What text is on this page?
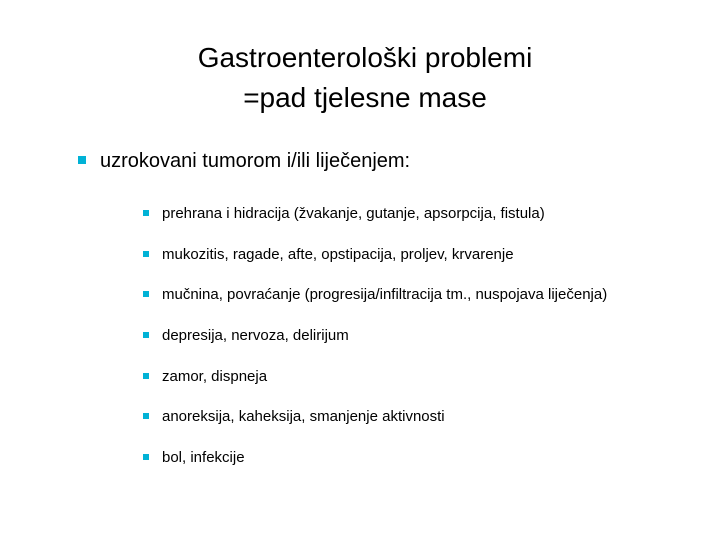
Gastroenterološki problemi
=pad tjelesne mase
uzrokovani tumorom i/ili liječenjem:
prehrana i hidracija (žvakanje, gutanje, apsorpcija, fistula)
mukozitis, ragade, afte, opstipacija, proljev, krvarenje
mučnina, povraćanje (progresija/infiltracija tm., nuspojava liječenja)
depresija, nervoza, delirijum
zamor, dispneja
anoreksija, kaheksija, smanjenje aktivnosti
bol, infekcije
